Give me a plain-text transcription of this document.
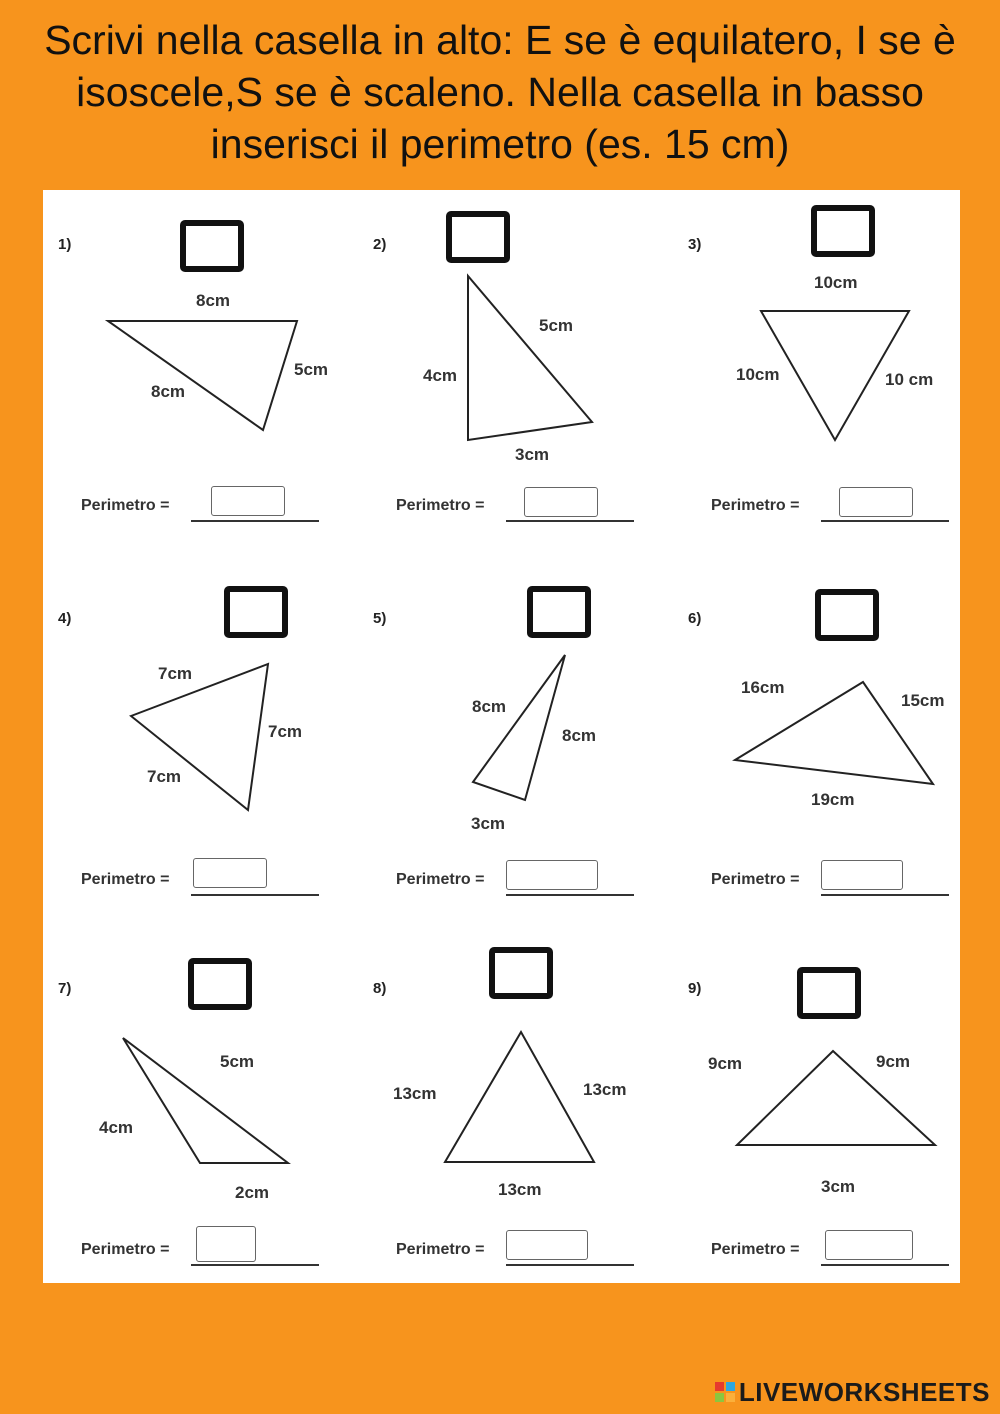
Scrivi nella casella in alto: E se è equilatero, I se è isoscele,S se è scaleno. Nella casella in basso inserisci il perimetro (es. 15 cm)
1)
8cm
5cm
8cm
Perimetro =
2)
5cm
4cm
3cm
Perimetro =
3)
10cm
10cm	10 cm
Perimetro =
4)
7cm
7cm
7cm
Perimetro =
5)
8cm
8cm
3cm
Perimetro =
6)
16cm
15cm
19cm
Perimetro =
7)
5cm
4cm
2cm
Perimetro =
8)
13cm	13cm
13cm
Perimetro =
9)
9cm	9cm
3cm
Perimetro =
LIVEWORKSHEETS
